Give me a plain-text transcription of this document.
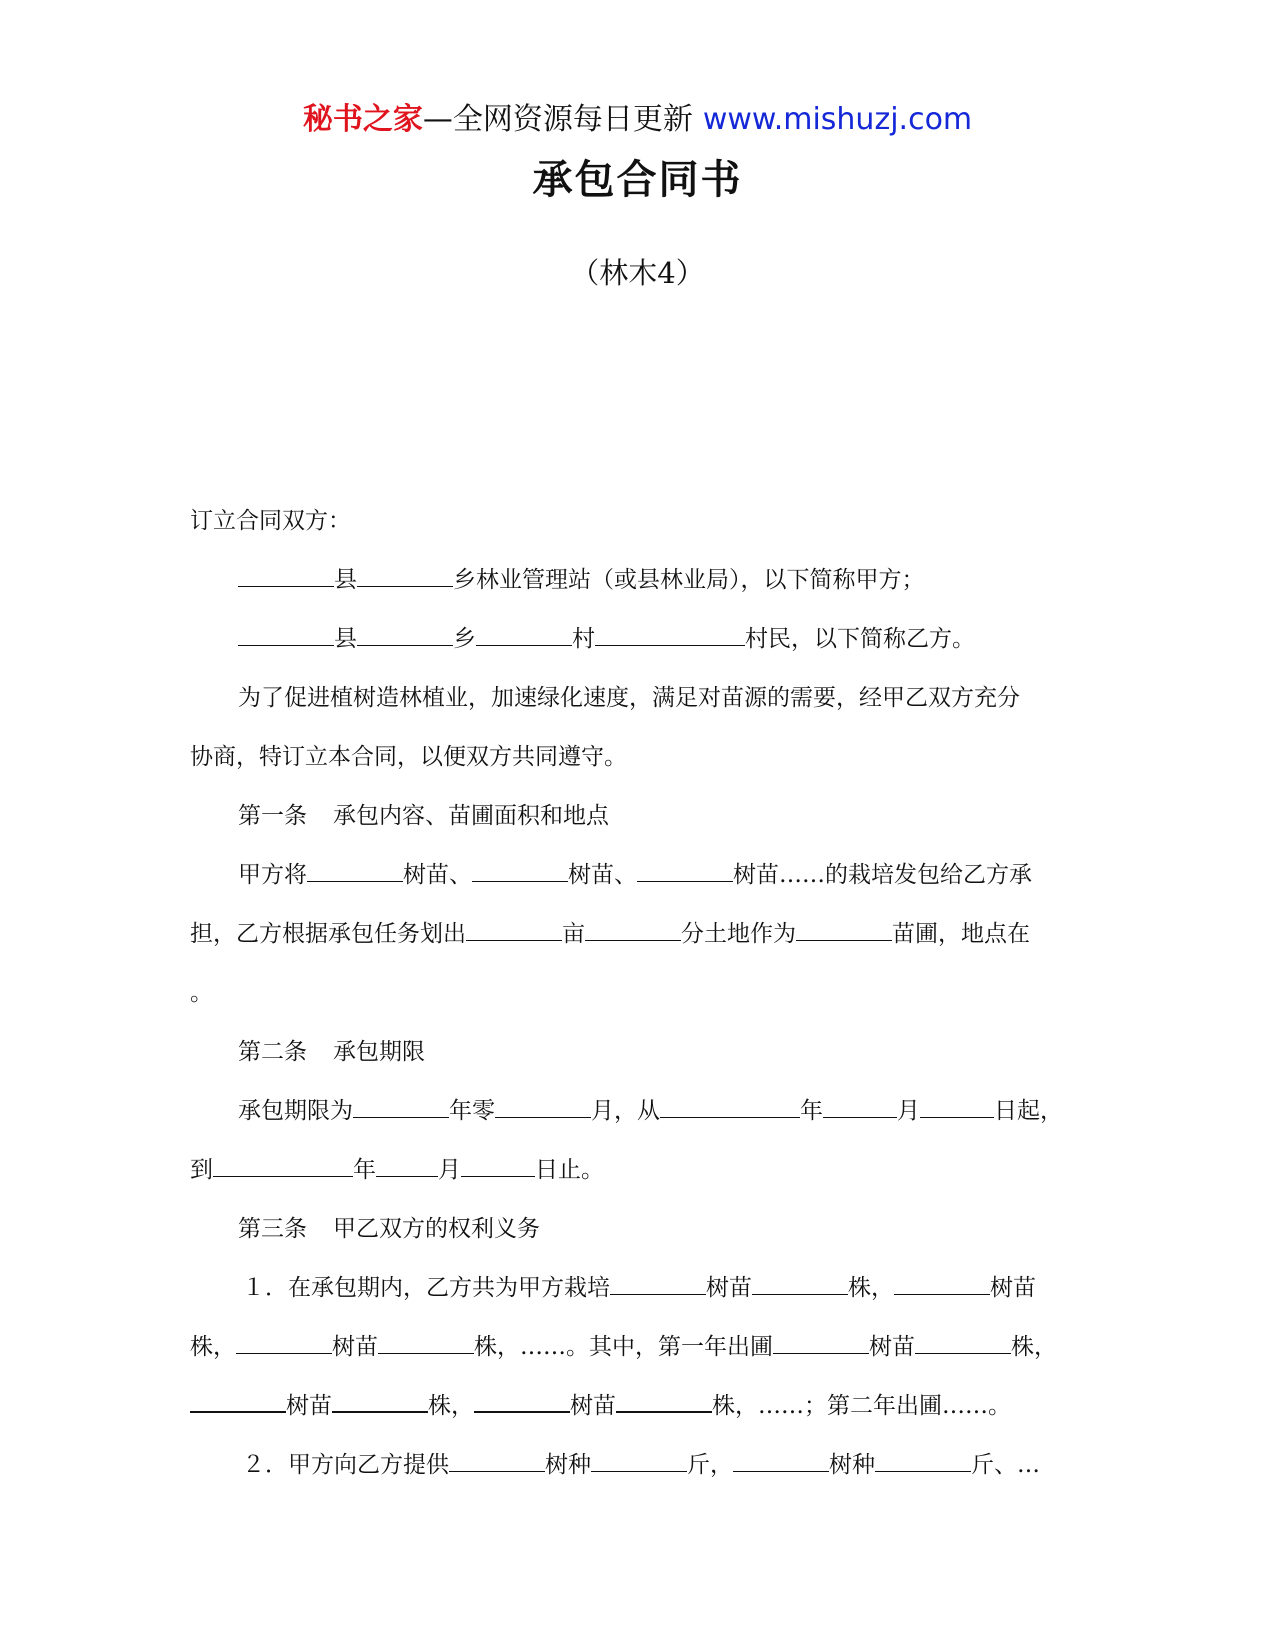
秘书之家—全网资源每日更新 www.mishuzj.com
承包合同书
（林木4）
订立合同双方：
县	乡林业管理站（或县林业局），以下简称甲方；
县	乡	村	村民，以下简称乙方。
为了促进植树造林植业，加速绿化速度，满足对苗源的需要，经甲乙双方充分
协商，特订立本合同，以便双方共同遵守。
第一条 承包内容、苗圃面积和地点
甲方将	树苗、	树苗、	树苗……的栽培发包给乙方承
担，乙方根据承包任务划出	亩	分土地作为	苗圃，地点在
。
第二条 承包期限
承包期限为	年零	月，从	年	月	日起，
到	年	月	日止。
第三条 甲乙双方的权利义务
１．在承包期内，乙方共为甲方栽培	树苗	株，	树苗
株，	树苗	株，……。其中，第一年出圃	树苗	株，
树苗	株，	树苗	株，……；第二年出圃……。
２．甲方向乙方提供	树种	斤，	树种	斤、…
